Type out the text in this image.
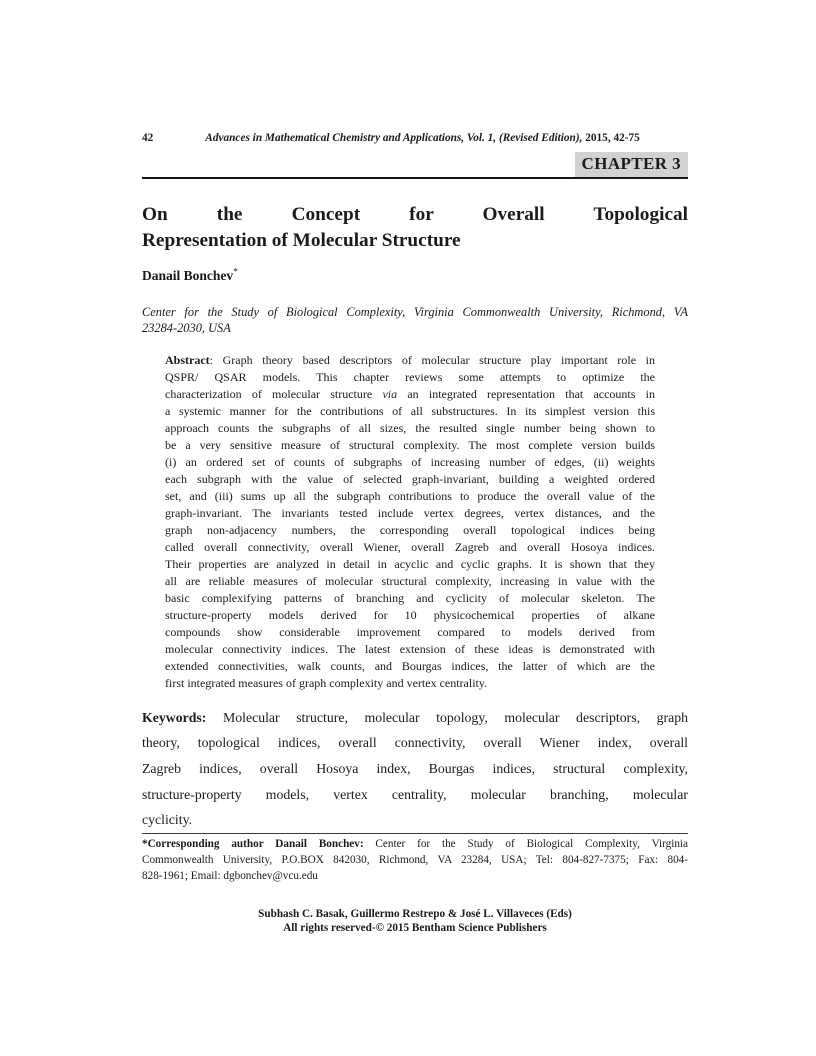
42	Advances in Mathematical Chemistry and Applications, Vol. 1, (Revised Edition), 2015, 42-75
CHAPTER 3
On the Concept for Overall Topological
Representation of Molecular Structure
Danail Bonchev*
Center for the Study of Biological Complexity, Virginia Commonwealth University, Richmond, VA
23284-2030, USA
Abstract: Graph theory based descriptors of molecular structure play important role in
QSPR/ QSAR models. This chapter reviews some attempts to optimize the
characterization of molecular structure via an integrated representation that accounts in
a systemic manner for the contributions of all substructures. In its simplest version this
approach counts the subgraphs of all sizes, the resulted single number being shown to
be a very sensitive measure of structural complexity. The most complete version builds
(i) an ordered set of counts of subgraphs of increasing number of edges, (ii) weights
each subgraph with the value of selected graph-invariant, building a weighted ordered
set, and (iii) sums up all the subgraph contributions to produce the overall value of the
graph-invariant. The invariants tested include vertex degrees, vertex distances, and the
graph non-adjacency numbers, the corresponding overall topological indices being
called overall connectivity, overall Wiener, overall Zagreb and overall Hosoya indices.
Their properties are analyzed in detail in acyclic and cyclic graphs. It is shown that they
all are reliable measures of molecular structural complexity, increasing in value with the
basic complexifying patterns of branching and cyclicity of molecular skeleton. The
structure-property models derived for 10 physicochemical properties of alkane
compounds show considerable improvement compared to models derived from
molecular connectivity indices. The latest extension of these ideas is demonstrated with
extended connectivities, walk counts, and Bourgas indices, the latter of which are the
first integrated measures of graph complexity and vertex centrality.
Keywords: Molecular structure, molecular topology, molecular descriptors, graph
theory, topological indices, overall connectivity, overall Wiener index, overall
Zagreb indices, overall Hosoya index, Bourgas indices, structural complexity,
structure-property models, vertex centrality, molecular branching, molecular
cyclicity.
*Corresponding author Danail Bonchev: Center for the Study of Biological Complexity, Virginia
Commonwealth University, P.O.BOX 842030, Richmond, VA 23284, USA; Tel: 804-827-7375; Fax: 804-
828-1961; Email: dgbonchev@vcu.edu
Subhash C. Basak, Guillermo Restrepo & José L. Villaveces (Eds)
All rights reserved-© 2015 Bentham Science Publishers
